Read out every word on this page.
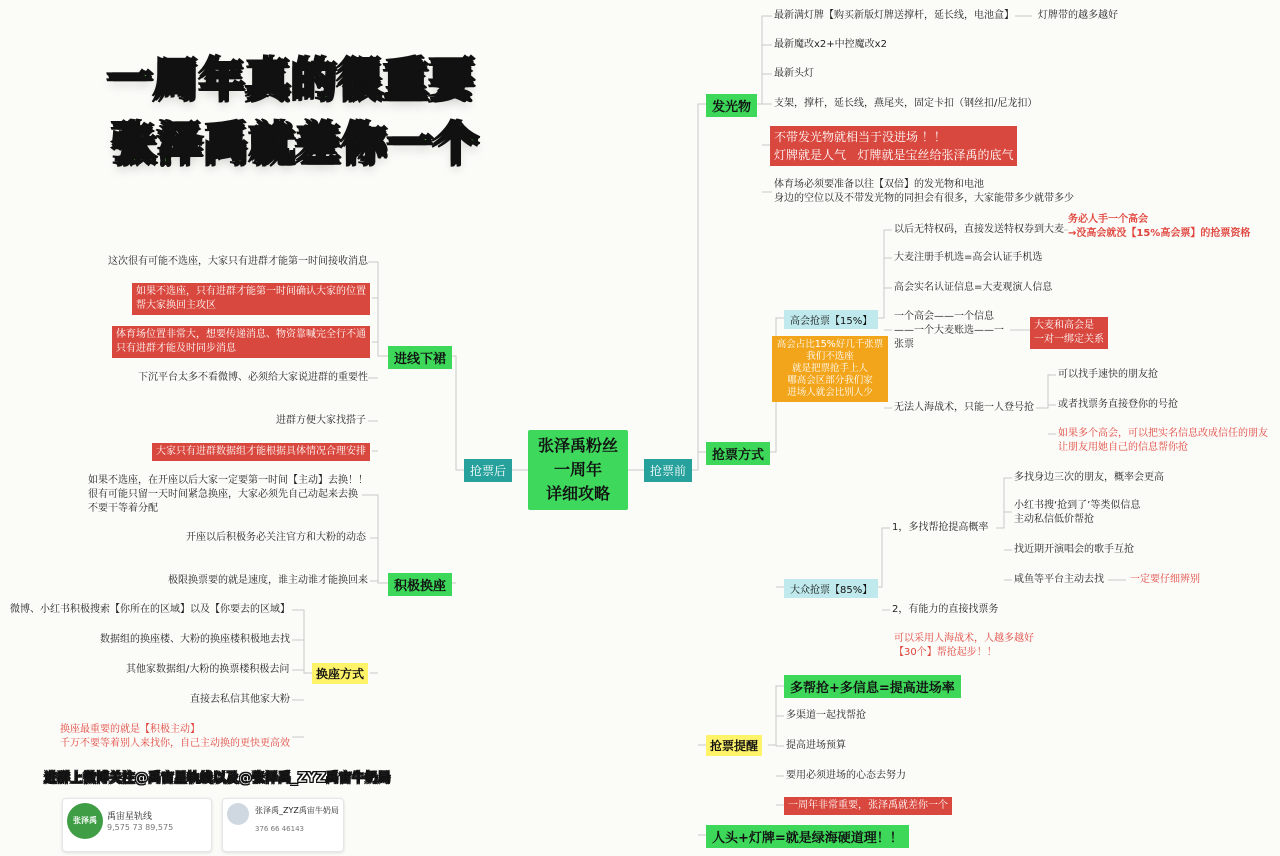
一周年真的很重要
张泽禹就差你一个
张泽禹粉丝
一周年
详细攻略
抢票前
抢票后
发光物
最新满灯牌【购买新版灯牌送撑杆，延长线，电池盒】 灯牌带的越多越好
最新魔改x2+中控魔改x2
最新头灯
支架，撑杆，延长线，燕尾夹，固定卡扣（钢丝扣/尼龙扣）
不带发光物就相当于没进场 ！！
灯牌就是人气   灯牌就是宝丝给张泽禹的底气
体育场必须要准备以往【双倍】的发光物和电池
身边的空位以及不带发光物的同担会有很多，大家能带多少就带多少
抢票方式
高会抢票【15%】
高会占比15%好几千张票
我们不选座
就是把票抢手上人
哪高会区部分我们家
进场人就会比别人少
以后无特权码，直接发送特权券到大麦
务必人手一个高会
→没高会就没【15%高会票】的抢票资格
大麦注册手机选=高会认证手机选
高会实名认证信息=大麦观演人信息
一个高会——一个信息
——一个大麦账选——一
张票
大麦和高会是
一对一绑定关系
无法人海战术，只能一人登号抢
可以找手速快的朋友抢
或者找票务直接登你的号抢
如果多个高会，可以把实名信息改成信任的朋友
让朋友用她自己的信息帮你抢
大众抢票【85%】
1，多找帮抢提高概率
多找身边三次的朋友，概率会更高
小红书搜‘抢到了’等类似信息
主动私信低价帮抢
找近期开演唱会的歌手互抢
咸鱼等平台主动去找	一定要仔细辨别
2，有能力的直接找票务
可以采用人海战术，人越多越好
【30个】帮抢起步！！
抢票提醒
多帮抢+多信息=提高进场率
多渠道一起找帮抢
提高进场预算
要用必须进场的心态去努力
一周年非常重要，张泽禹就差你一个
人头+灯牌=就是绿海硬道理！！
进线下裙
这次很有可能不选座，大家只有进群才能第一时间接收消息
如果不选座，只有进群才能第一时间确认大家的位置
帮大家换回主攻区
体育场位置非常大，想要传递消息、物资靠喊完全行不通
只有进群才能及时同步消息
下沉平台太多不看微博、必须给大家说进群的重要性
进群方便大家找搭子
大家只有进群数据组才能根据具体情况合理安排
积极换座
如果不选座，在开座以后大家一定要第一时间【主动】去换！！
很有可能只留一天时间紧急换座，大家必须先自己动起来去换
不要干等着分配
开座以后积极务必关注官方和大粉的动态
极限换票要的就是速度，谁主动谁才能换回来
换座方式
微博、小红书积极搜索【你所在的区域】以及【你要去的区域】
数据组的换座楼、大粉的换座楼积极地去找
其他家数据组/大粉的换票楼积极去问
直接去私信其他家大粉
换座最重要的就是【积极主动】
千万不要等着别人来找你，自己主动换的更快更高效
进群上微博关注@禹宙星轨线以及@张泽禹_ZYZ禹宙牛奶局
张泽禹	禹宙星轨线
9,575 73 89,575
张泽禹_ZYZ禹宙牛奶局
376 66 46143
